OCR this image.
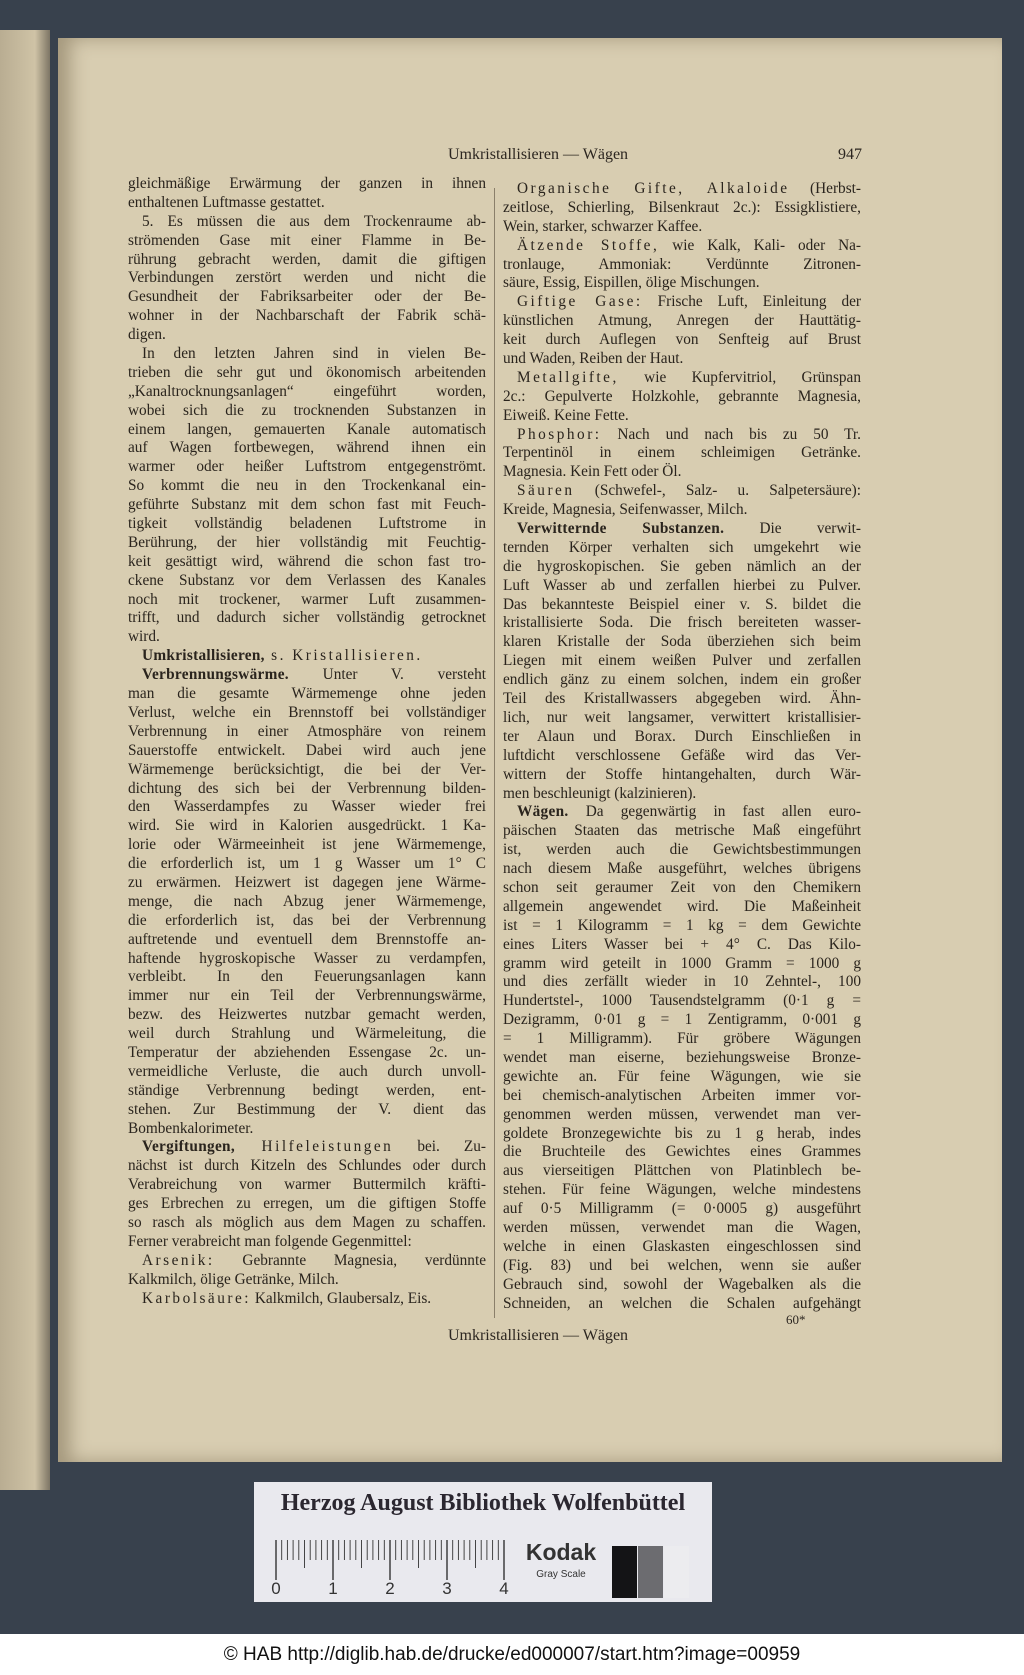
Umkristallisieren — Wägen	947
gleichmäßige Erwärmung der ganzen in ihnen
enthaltenen Luftmasse gestattet.
5. Es müssen die aus dem Trockenraume ab-
strömenden Gase mit einer Flamme in Be-
rührung gebracht werden, damit die giftigen
Verbindungen zerstört werden und nicht die
Gesundheit der Fabriksarbeiter oder der Be-
wohner in der Nachbarschaft der Fabrik schä-
digen.
In den letzten Jahren sind in vielen Be-
trieben die sehr gut und ökonomisch arbeitenden
„Kanaltrocknungsanlagen“ eingeführt worden,
wobei sich die zu trocknenden Substanzen in
einem langen, gemauerten Kanale automatisch
auf Wagen fortbewegen, während ihnen ein
warmer oder heißer Luftstrom entgegenströmt.
So kommt die neu in den Trockenkanal ein-
geführte Substanz mit dem schon fast mit Feuch-
tigkeit vollständig beladenen Luftstrome in
Berührung, der hier vollständig mit Feuchtig-
keit gesättigt wird, während die schon fast tro-
ckene Substanz vor dem Verlassen des Kanales
noch mit trockener, warmer Luft zusammen-
trifft, und dadurch sicher vollständig getrocknet
wird.
Umkristallisieren, s. Kristallisieren.
Verbrennungswärme. Unter V. versteht
man die gesamte Wärmemenge ohne jeden
Verlust, welche ein Brennstoff bei vollständiger
Verbrennung in einer Atmosphäre von reinem
Sauerstoffe entwickelt. Dabei wird auch jene
Wärmemenge berücksichtigt, die bei der Ver-
dichtung des sich bei der Verbrennung bilden-
den Wasserdampfes zu Wasser wieder frei
wird. Sie wird in Kalorien ausgedrückt. 1 Ka-
lorie oder Wärmeeinheit ist jene Wärmemenge,
die erforderlich ist, um 1 g Wasser um 1° C
zu erwärmen. Heizwert ist dagegen jene Wärme-
menge, die nach Abzug jener Wärmemenge,
die erforderlich ist, das bei der Verbrennung
auftretende und eventuell dem Brennstoffe an-
haftende hygroskopische Wasser zu verdampfen,
verbleibt. In den Feuerungsanlagen kann
immer nur ein Teil der Verbrennungswärme,
bezw. des Heizwertes nutzbar gemacht werden,
weil durch Strahlung und Wärmeleitung, die
Temperatur der abziehenden Essengase 2c. un-
vermeidliche Verluste, die auch durch unvoll-
ständige Verbrennung bedingt werden, ent-
stehen. Zur Bestimmung der V. dient das
Bombenkalorimeter.
Vergiftungen, Hilfeleistungen bei. Zu-
nächst ist durch Kitzeln des Schlundes oder durch
Verabreichung von warmer Buttermilch kräfti-
ges Erbrechen zu erregen, um die giftigen Stoffe
so rasch als möglich aus dem Magen zu schaffen.
Ferner verabreicht man folgende Gegenmittel:
Arsenik: Gebrannte Magnesia, verdünnte
Kalkmilch, ölige Getränke, Milch.
Karbolsäure: Kalkmilch, Glaubersalz, Eis.
Organische Gifte, Alkaloide (Herbst-
zeitlose, Schierling, Bilsenkraut 2c.): Essigklistiere,
Wein, starker, schwarzer Kaffee.
Ätzende Stoffe, wie Kalk, Kali- oder Na-
tronlauge, Ammoniak: Verdünnte Zitronen-
säure, Essig, Eispillen, ölige Mischungen.
Giftige Gase: Frische Luft, Einleitung der
künstlichen Atmung, Anregen der Hauttätig-
keit durch Auflegen von Senfteig auf Brust
und Waden, Reiben der Haut.
Metallgifte, wie Kupfervitriol, Grünspan
2c.: Gepulverte Holzkohle, gebrannte Magnesia,
Eiweiß. Keine Fette.
Phosphor: Nach und nach bis zu 50 Tr.
Terpentinöl in einem schleimigen Getränke.
Magnesia. Kein Fett oder Öl.
Säuren (Schwefel-, Salz- u. Salpetersäure):
Kreide, Magnesia, Seifenwasser, Milch.
Verwitternde Substanzen. Die verwit-
ternden Körper verhalten sich umgekehrt wie
die hygroskopischen. Sie geben nämlich an der
Luft Wasser ab und zerfallen hierbei zu Pulver.
Das bekannteste Beispiel einer v. S. bildet die
kristallisierte Soda. Die frisch bereiteten wasser-
klaren Kristalle der Soda überziehen sich beim
Liegen mit einem weißen Pulver und zerfallen
endlich gänz zu einem solchen, indem ein großer
Teil des Kristallwassers abgegeben wird. Ähn-
lich, nur weit langsamer, verwittert kristallisier-
ter Alaun und Borax. Durch Einschließen in
luftdicht verschlossene Gefäße wird das Ver-
wittern der Stoffe hintangehalten, durch Wär-
men beschleunigt (kalzinieren).
Wägen. Da gegenwärtig in fast allen euro-
päischen Staaten das metrische Maß eingeführt
ist, werden auch die Gewichtsbestimmungen
nach diesem Maße ausgeführt, welches übrigens
schon seit geraumer Zeit von den Chemikern
allgemein angewendet wird. Die Maßeinheit
ist = 1 Kilogramm = 1 kg = dem Gewichte
eines Liters Wasser bei + 4° C. Das Kilo-
gramm wird geteilt in 1000 Gramm = 1000 g
und dies zerfällt wieder in 10 Zehntel-, 100
Hundertstel-, 1000 Tausendstelgramm (0·1 g =
Dezigramm, 0·01 g = 1 Zentigramm, 0·001 g
= 1 Milligramm). Für gröbere Wägungen
wendet man eiserne, beziehungsweise Bronze-
gewichte an. Für feine Wägungen, wie sie
bei chemisch-analytischen Arbeiten immer vor-
genommen werden müssen, verwendet man ver-
goldete Bronzegewichte bis zu 1 g herab, indes
die Bruchteile des Gewichtes eines Grammes
aus vierseitigen Plättchen von Platinblech be-
stehen. Für feine Wägungen, welche mindestens
auf 0·5 Milligramm (= 0·0005 g) ausgeführt
werden müssen, verwendet man die Wagen,
welche in einen Glaskasten eingeschlossen sind
(Fig. 83) und bei welchen, wenn sie außer
Gebrauch sind, sowohl der Wagebalken als die
Schneiden, an welchen die Schalen aufgehängt
60*
Umkristallisieren — Wägen
Herzog August Bibliothek Wolfenbüttel
0	1	2	3	4
Kodak
Gray Scale
© HAB http://diglib.hab.de/drucke/ed000007/start.htm?image=00959
